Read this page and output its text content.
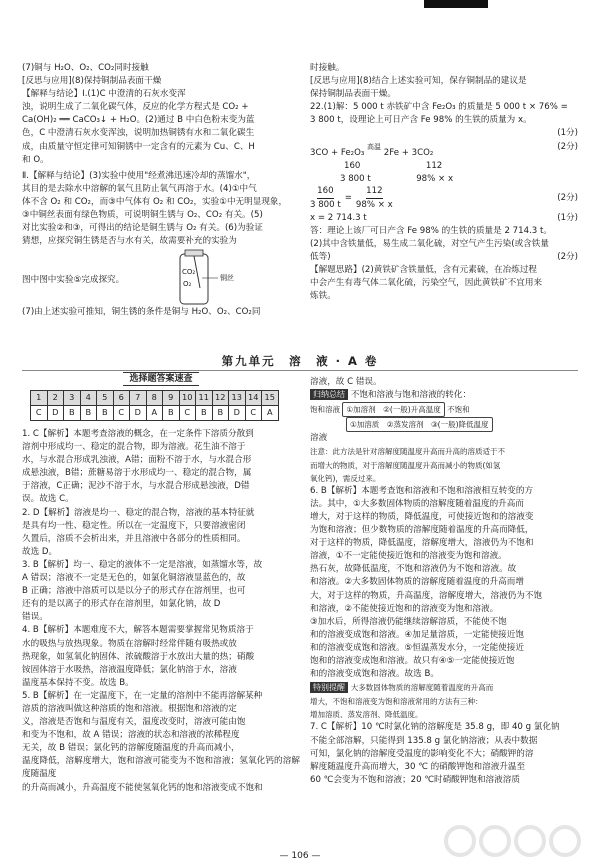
(7)铜与 H₂O、O₂、CO₂同时接触

[反思与应用](8)保持铜制品表面干燥

【解释与结论】Ⅰ.(1)C 中澄清的石灰水变浑

浊，说明生成了二氧化碳气体，反应的化学方程式是 CO₂ +

Ca(OH)₂ ══ CaCO₃↓ + H₂O。(2)通过 B 中白色粉末变为蓝

色，C 中澄清石灰水变浑浊，说明加热铜锈有水和二氧化碳生

成，由质量守恒定律可知铜锈中一定含有的元素为 Cu、C、H

和 O。

Ⅱ.【解释与结论】(3)实验中使用"经煮沸迅速冷却的蒸馏水"，

其目的是去除水中溶解的氧气且防止氧气再溶于水。(4)①中气

体不含 O₂ 和 CO₂，而③中气体有 O₂ 和 CO₂，实验①中无明显现象，

③中铜丝表面有绿色物质，可说明铜生锈与 O₂、CO₂ 有关。(5)

对比实验②和③，可得出的结论是铜生锈与 O₂ 有关。(6)为验证

猜想，应探究铜生锈是否与水有关，故需要补充的实验为

图中图中实验⑤完成探究。
CO₂
O₂
铜丝

(7)由上述实验可推知，铜生锈的条件是铜与 H₂O、O₂、CO₂同

时接触。

[反思与应用](8)结合上述实验可知，保存铜制品的建议是

保持铜制品表面干燥。

22.(1)解：5 000 t 赤铁矿中含 Fe₂O₃ 的质量是 5 000 t × 76% =

3 800 t，设理论上可日产含 Fe 98% 的生铁的质量为 x。

(1分)

3CO + Fe₂O₃ $^{高温}$ 2Fe + 3CO₂
(2分)

160	112

3 800 t	98% × x

$\frac{160}{3 800 t} = \frac{112}{98\% \times x}$	(2分)
x = 2 714.3 t	(1分)

答：理论上该厂可日产含 Fe 98% 的生铁的质量是 2 714.3 t。

(2)其中含铁量低，易生成二氧化硫，对空气产生污染(或含铁量

低等)	(2分)

【解题思路】(2)黄铁矿含铁量低，含有元素硫，在冶炼过程

中会产生有毒气体二氧化硫，污染空气，因此黄铁矿不宜用来

炼铁。

第九单元　溶　液 · A 卷
选择题答案速查
1	2	3	4	5	6	7	8	9	10	11	12	13	14	15
C	D	B	B	B	C	D	A	B	C	B	B	D	C	A

1. C【解析】本题考查溶液的概念，在一定条件下溶质分散到

溶剂中形成均一、稳定的混合物，即为溶液。花生油不溶于

水，与水混合形成乳浊液，A错；面粉不溶于水，与水混合形

成悬浊液，B错；蔗糖易溶于水形成均一、稳定的混合物，属

于溶液，C正确；泥沙不溶于水，与水混合形成悬浊液，D错

误。故选 C。

2. D【解析】溶液是均一、稳定的混合物，溶液的基本特征就

是具有均一性、稳定性。所以在一定温度下，只要溶液密闭

久置后，溶质不会析出来，并且溶液中各部分的性质相同。

故选 D。

3. B【解析】均一、稳定的液体不一定是溶液，如蒸馏水等，故

A 错误；溶液不一定是无色的，如氯化铜溶液显蓝色的，故

B 正确；溶液中溶质可以是以分子的形式存在溶剂里，也可

还有的是以离子的形式存在溶剂里，如氯化钠，故 D

错误。

4. B【解析】本题难度不大，解答本题需要掌握常见物质溶于

水的吸热与放热现象。物质在溶解时经常伴随有吸热或放

热现象，如氢氧化钠固体、浓硫酸溶于水放出大量的热；硝酸

铵固体溶于水吸热，溶液温度降低；氯化钠溶于水，溶液

温度基本保持不变。故选 B。

5. B【解析】在一定温度下，在一定量的溶剂中不能再溶解某种

溶质的溶液叫做这种溶质的饱和溶液。根据饱和溶液的定

义，溶液是否饱和与温度有关，温度改变时，溶液可能由饱

和变为不饱和，故 A 错误；溶液的状态和溶液的浓稀程度

无关，故 B 错误；氯化钙的溶解度随温度的升高而减小，

温度降低，溶解度增大，饱和溶液可能变为不饱和溶液；氢氧化钙的溶解度随温度

的升高而减小，升高温度不能使氢氧化钙的饱和溶液变成不饱和

溶液，故 C 错误。

归纳总结 不饱和溶液与饱和溶液的转化：

饱和溶液 ①加溶剂　②(一般)升高温度 不饱和

①加溶质　②蒸发溶剂　③(一般)降低温度

溶液

注意：此方法是针对溶解度随温度升高而升高的溶质适于不

而增大的物质，对于溶解度随温度升高而减小的物质(如氢

氧化钙)，需反过来。

6. B【解析】本题考查饱和溶液和不饱和溶液相互转变的方

法。其中，①大多数固体物质的溶解度随着温度的升高而

增大，对于这样的物质，降低温度，可使接近饱和的溶液变

为饱和溶液；但少数物质的溶解度随着温度的升高而降低，

对于这样的物质，降低温度，溶解度增大，溶液仍为不饱和

溶液，①不一定能使接近饱和的溶液变为饱和溶液。

热石灰，故降低温度，不饱和溶液仍为不饱和溶液。故

和溶液。②大多数固体物质的溶解度随着温度的升高而增

大，对于这样的物质，升高温度，溶解度增大，溶液仍为不饱

和溶液，②不能使接近饱和的溶液变为饱和溶液。

③加水后，所得溶液仍能继续溶解溶质，不能使不饱

和的溶液变成饱和溶液。④加足量溶质，一定能使接近饱

和的溶液变成饱和溶液。⑤恒温蒸发水分，一定能使接近

饱和的溶液变成饱和溶液。故只有④⑤一定能使接近饱

和的溶液变成饱和溶液。故选 B。

特别提醒 大多数固体物质的溶解度随着温度的升高而

增大，不饱和溶液变为饱和溶液常用的方法有三种：

增加溶质、蒸发溶剂、降低温度。

7. C【解析】10 ℃时氯化钠的溶解度是 35.8 g，即 40 g 氯化钠

不能全部溶解，只能得到 135.8 g 氯化钠溶液；从表中数据

可知，氯化钠的溶解度受温度的影响变化不大；硝酸钾的溶

解度随温度升高而增大，30 ℃ 的硝酸钾饱和溶液升温至

60 ℃会变为不饱和溶液；20 ℃时硝酸钾饱和溶液溶质

— 106 —
